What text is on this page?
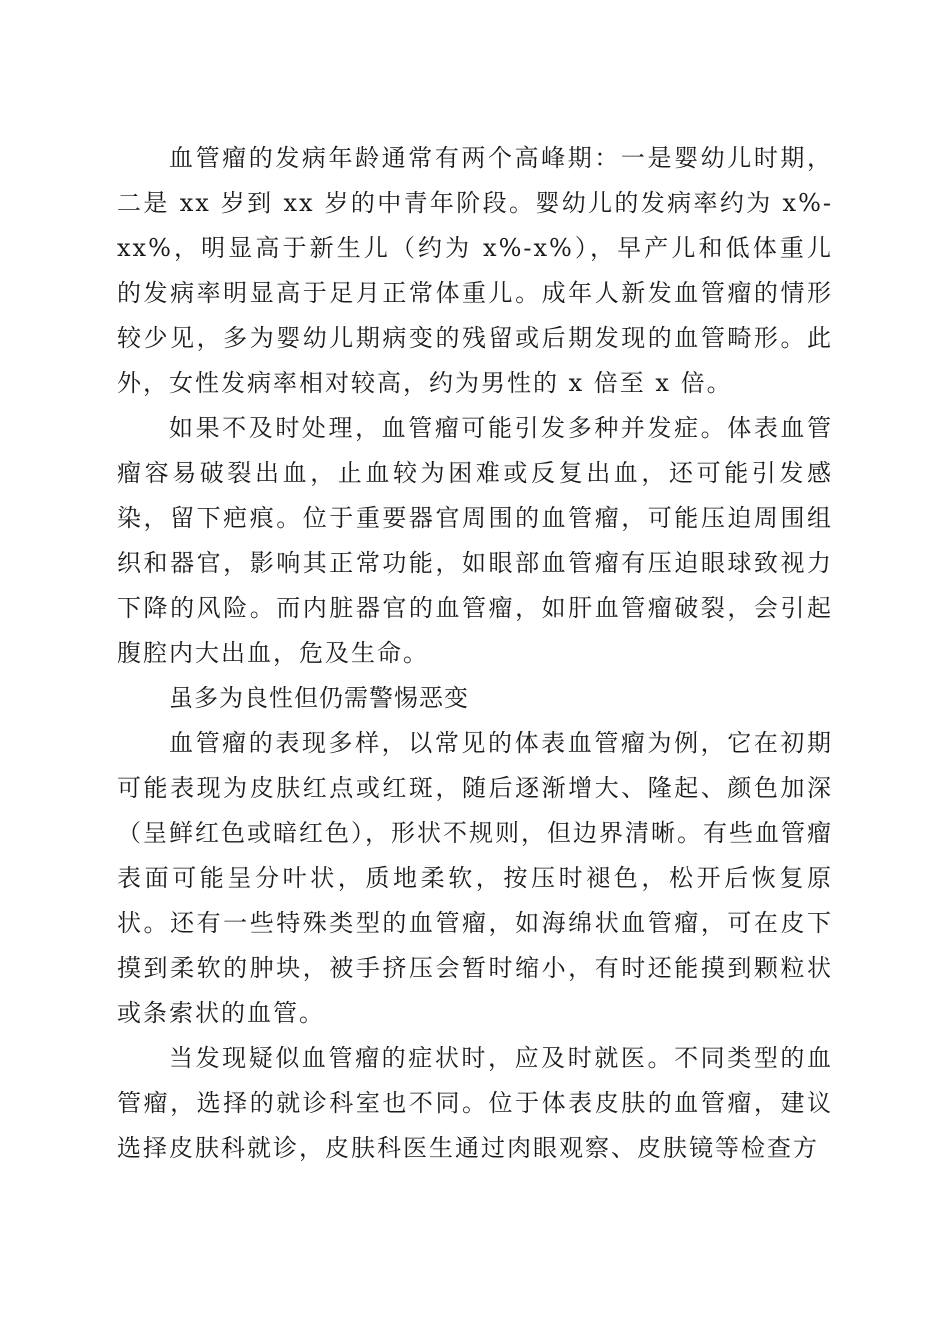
血管瘤的发病年龄通常有两个高峰期：一是婴幼儿时期，二是 xx 岁到 xx 岁的中青年阶段。婴幼儿的发病率约为 x%-xx%，明显高于新生儿（约为 x%-x%），早产儿和低体重儿的发病率明显高于足月正常体重儿。成年人新发血管瘤的情形较少见，多为婴幼儿期病变的残留或后期发现的血管畸形。此外，女性发病率相对较高，约为男性的 x 倍至 x 倍。

如果不及时处理，血管瘤可能引发多种并发症。体表血管瘤容易破裂出血，止血较为困难或反复出血，还可能引发感染，留下疤痕。位于重要器官周围的血管瘤，可能压迫周围组织和器官，影响其正常功能，如眼部血管瘤有压迫眼球致视力下降的风险。而内脏器官的血管瘤，如肝血管瘤破裂，会引起腹腔内大出血，危及生命。

虽多为良性但仍需警惕恶变

血管瘤的表现多样，以常见的体表血管瘤为例，它在初期可能表现为皮肤红点或红斑，随后逐渐增大、隆起、颜色加深（呈鲜红色或暗红色），形状不规则，但边界清晰。有些血管瘤表面可能呈分叶状，质地柔软，按压时褪色，松开后恢复原状。还有一些特殊类型的血管瘤，如海绵状血管瘤，可在皮下摸到柔软的肿块，被手挤压会暂时缩小，有时还能摸到颗粒状或条索状的血管。

当发现疑似血管瘤的症状时，应及时就医。不同类型的血管瘤，选择的就诊科室也不同。位于体表皮肤的血管瘤，建议选择皮肤科就诊，皮肤科医生通过肉眼观察、皮肤镜等检查方
